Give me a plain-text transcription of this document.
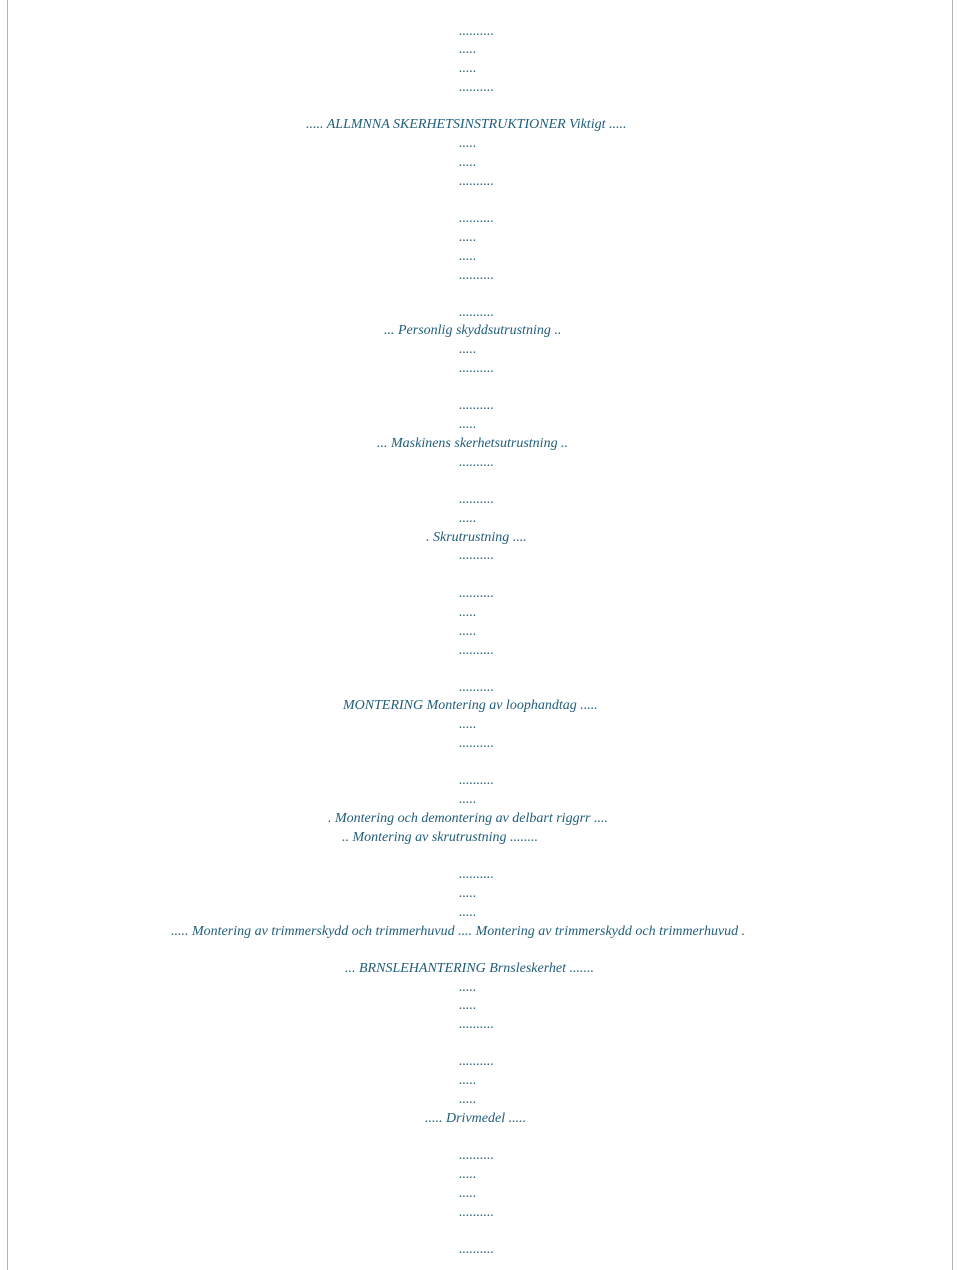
..........
.....
.....
..........
..... ALLMNNA SKERHETSINSTRUKTIONER Viktigt .....
.....
.....
..........
..........
.....
.....
..........
..........
... Personlig skyddsutrustning ..
.....
..........
..........
.....
... Maskinens skerhetsutrustning ..
..........
..........
.....
. Skrutrustning ....
..........
..........
.....
.....
..........
..........
MONTERING Montering av loophandtag .....
.....
..........
..........
.....
. Montering och demontering av delbart riggrr ....
.. Montering av skrutrustning ........
..........
.....
.....
..... Montering av trimmerskydd och trimmerhuvud .... Montering av trimmerskydd och trimmerhuvud .
... BRNSLEHANTERING Brnsleskerhet .......
.....
.....
..........
..........
.....
.....
..... Drivmedel .....
..........
.....
.....
..........
..........
